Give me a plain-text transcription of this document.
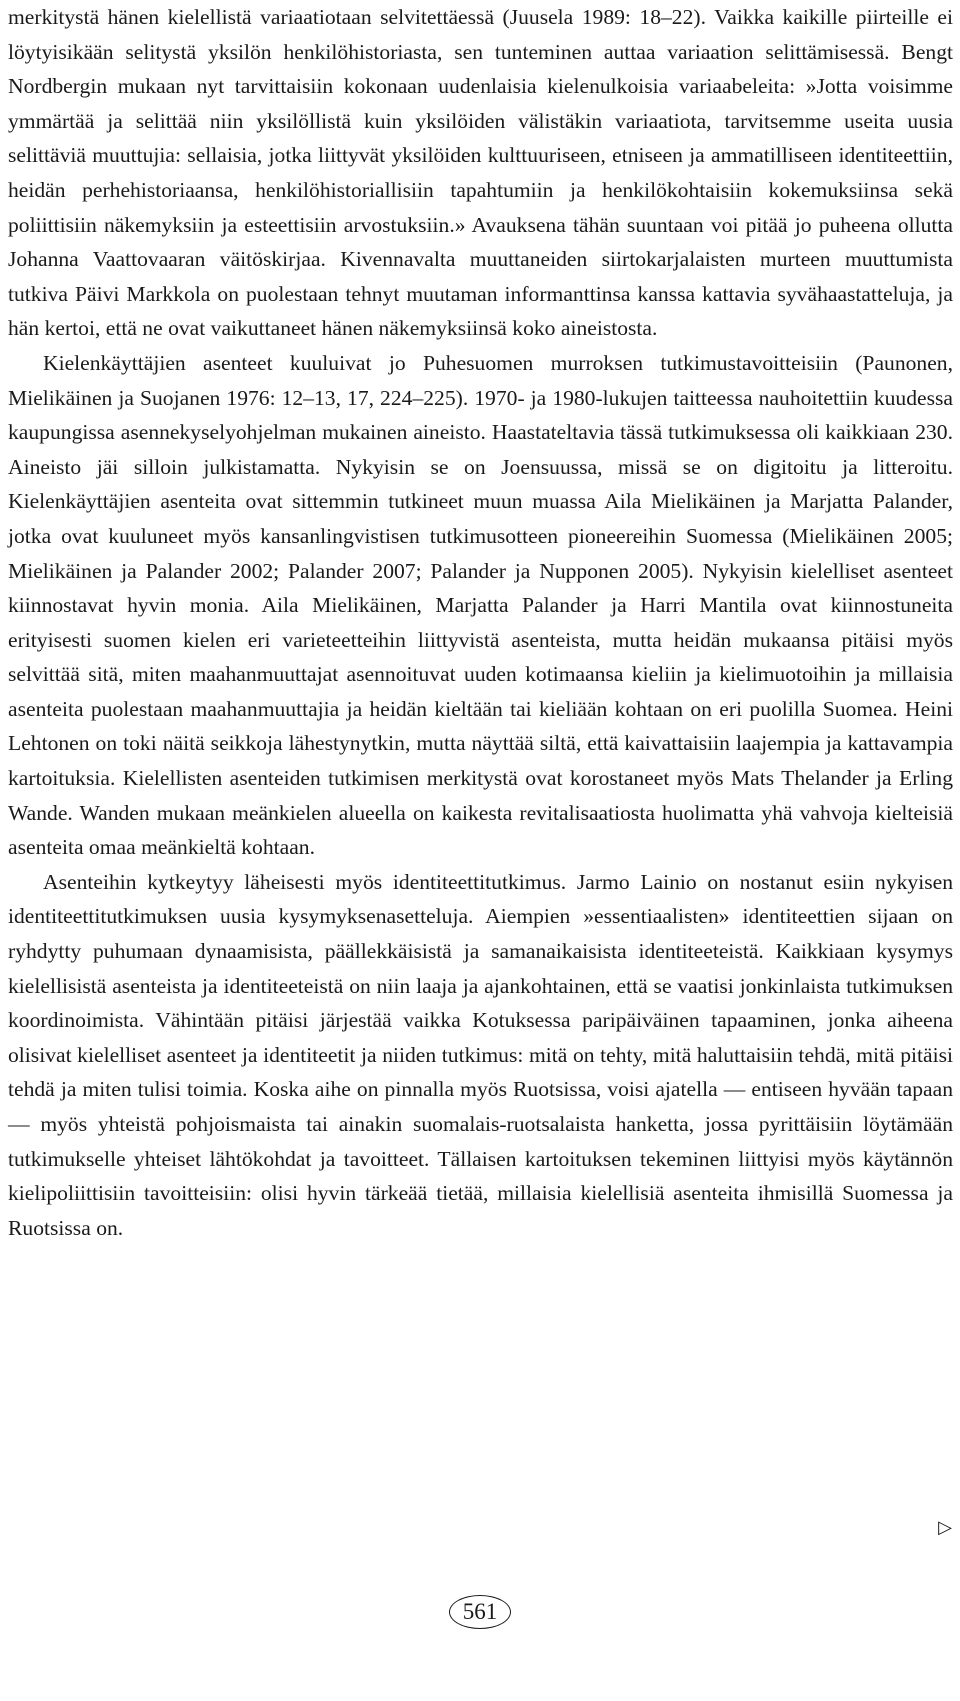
merkitystä hänen kielellistä variaatiotaan selvitettäessä (Juusela 1989: 18–22). Vaikka kaikille piirteille ei löytyisikään selitystä yksilön henkilöhistoriasta, sen tunteminen auttaa variaation selittämisessä. Bengt Nordbergin mukaan nyt tarvittaisiin kokonaan uudenlaisia kielenulkoisia variaabeleita: »Jotta voisimme ymmärtää ja selittää niin yksilöllistä kuin yksilöiden välistäkin variaatiota, tarvitsemme useita uusia selittäviä muuttujia: sellaisia, jotka liittyvät yksilöiden kulttuuriseen, etniseen ja ammatilliseen identiteettiin, heidän perhehistoriaansa, henkilöhistoriallisiin tapahtumiin ja henkilökohtaisiin kokemuksiinsa sekä poliittisiin näkemyksiin ja esteettisiin arvostuksiin.» Avauksena tähän suuntaan voi pitää jo puheena ollutta Johanna Vaattovaaran väitöskirjaa. Kivennavalta muuttaneiden siirtokarjalaisten murteen muuttumista tutkiva Päivi Markkola on puolestaan tehnyt muutaman informanttinsa kanssa kattavia syvähaastatteluja, ja hän kertoi, että ne ovat vaikuttaneet hänen näkemyksiinsä koko aineistosta.

Kielenkäyttäjien asenteet kuuluivat jo Puhesuomen murroksen tutkimustavoitteisiin (Paunonen, Mielikäinen ja Suojanen 1976: 12–13, 17, 224–225). 1970- ja 1980-lukujen taitteessa nauhoitettiin kuudessa kaupungissa asennekyselyohjelman mukainen aineisto. Haastateltavia tässä tutkimuksessa oli kaikkiaan 230. Aineisto jäi silloin julkistamatta. Nykyisin se on Joensuussa, missä se on digitoitu ja litteroitu. Kielenkäyttäjien asenteita ovat sittemmin tutkineet muun muassa Aila Mielikäinen ja Marjatta Palander, jotka ovat kuuluneet myös kansanlingvistisen tutkimusotteen pioneereihin Suomessa (Mielikäinen 2005; Mielikäinen ja Palander 2002; Palander 2007; Palander ja Nupponen 2005). Nykyisin kielelliset asenteet kiinnostavat hyvin monia. Aila Mielikäinen, Marjatta Palander ja Harri Mantila ovat kiinnostuneita erityisesti suomen kielen eri varieteetteihin liittyvistä asenteista, mutta heidän mukaansa pitäisi myös selvittää sitä, miten maahanmuuttajat asennoituvat uuden kotimaansa kieliin ja kielimuotoihin ja millaisia asenteita puolestaan maahanmuuttajia ja heidän kieltään tai kieliään kohtaan on eri puolilla Suomea. Heini Lehtonen on toki näitä seikkoja lähestynytkin, mutta näyttää siltä, että kaivattaisiin laajempia ja kattavampia kartoituksia. Kielellisten asenteiden tutkimisen merkitystä ovat korostaneet myös Mats Thelander ja Erling Wande. Wanden mukaan meänkielen alueella on kaikesta revitalisaatiosta huolimatta yhä vahvoja kielteisiä asenteita omaa meänkieltä kohtaan.

Asenteihin kytkeytyy läheisesti myös identiteettitutkimus. Jarmo Lainio on nostanut esiin nykyisen identiteettitutkimuksen uusia kysymyksenasetteluja. Aiempien »essentiaalisten» identiteettien sijaan on ryhdytty puhumaan dynaamisista, päällekkäisistä ja samanaikaisista identiteeteistä. Kaikkiaan kysymys kielellisistä asenteista ja identiteeteistä on niin laaja ja ajankohtainen, että se vaatisi jonkinlaista tutkimuksen koordinoimista. Vähintään pitäisi järjestää vaikka Kotuksessa paripäiväinen tapaaminen, jonka aiheena olisivat kielelliset asenteet ja identiteetit ja niiden tutkimus: mitä on tehty, mitä haluttaisiin tehdä, mitä pitäisi tehdä ja miten tulisi toimia. Koska aihe on pinnalla myös Ruotsissa, voisi ajatella — entiseen hyvään tapaan — myös yhteistä pohjoismaista tai ainakin suomalais-ruotsalaista hanketta, jossa pyrittäisiin löytämään tutkimukselle yhteiset lähtökohdat ja tavoitteet. Tällaisen kartoituksen tekeminen liittyisi myös käytännön kielipoliittisiin tavoitteisiin: olisi hyvin tärkeää tietää, millaisia kielellisiä asenteita ihmisillä Suomessa ja Ruotsissa on.

▷
561
